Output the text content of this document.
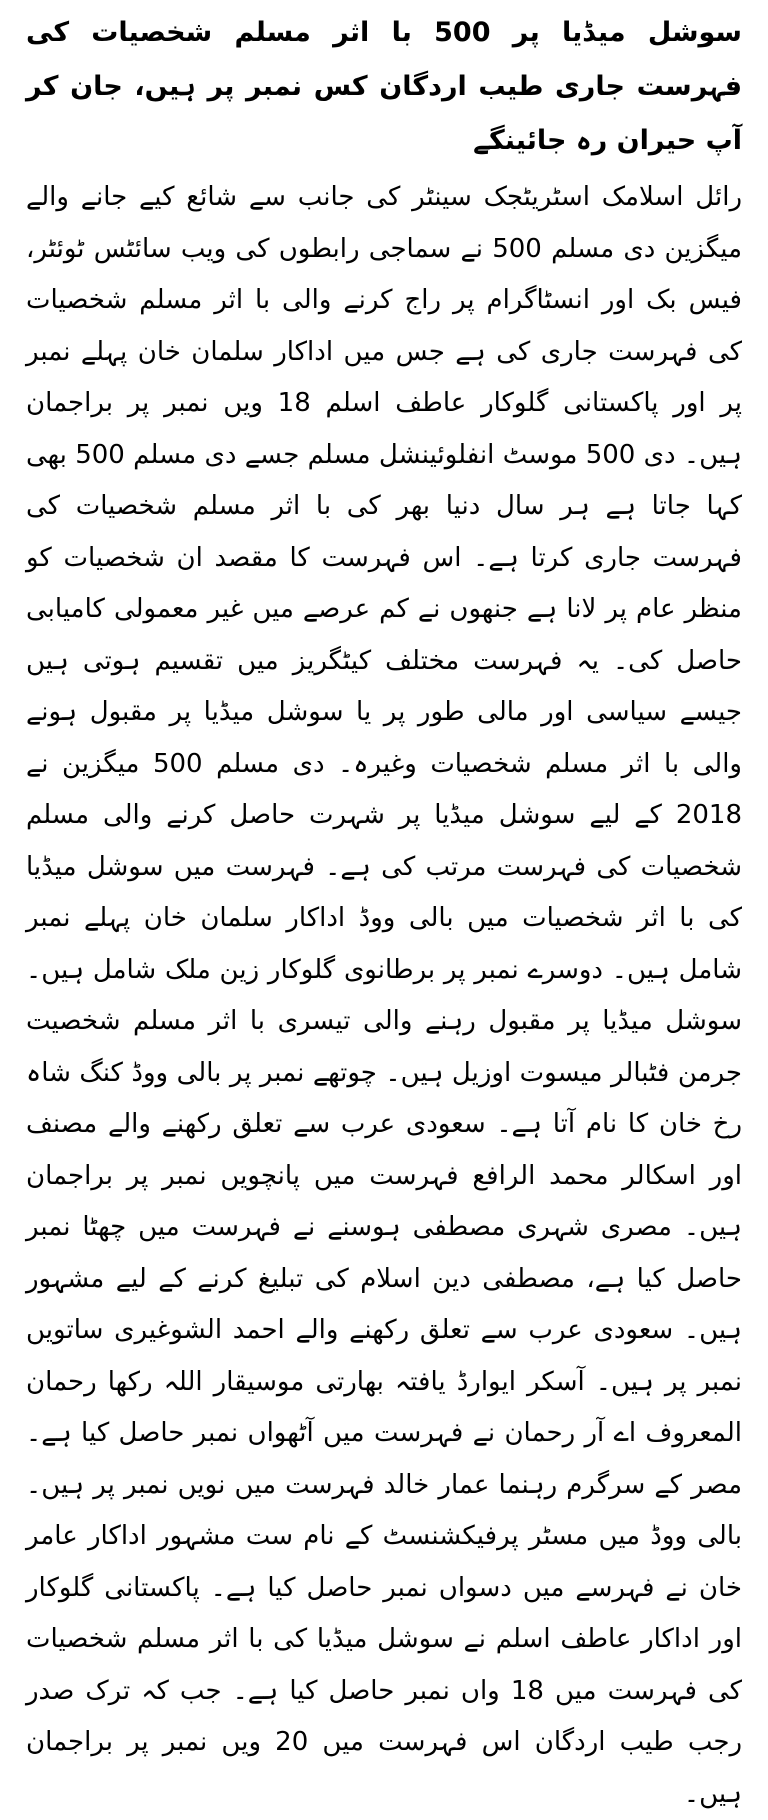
سوشل میڈیا پر 500 با اثر مسلم شخصیات کی فہرست جاری طیب اردگان کس نمبر پر ہیں، جان کر آپ حیران رہ جائینگے

رائل اسلامک اسٹریٹجک سینٹر کی جانب سے شائع کیے جانے والے میگزین دی مسلم 500 نے سماجی رابطوں کی ویب سائٹس ٹوئٹر، فیس بک اور انسٹاگرام پر راج کرنے والی با اثر مسلم شخصیات کی فہرست جاری کی ہے جس میں اداکار سلمان خان پہلے نمبر پر اور پاکستانی گلوکار عاطف اسلم 18 ویں نمبر پر براجمان ہیں۔ دی 500 موسٹ انفلوئینشل مسلم جسے دی مسلم 500 بھی کہا جاتا ہے ہر سال دنیا بھر کی با اثر مسلم شخصیات کی فہرست جاری کرتا ہے۔ اس فہرست کا مقصد ان شخصیات کو منظر عام پر لانا ہے جنھوں نے کم عرصے میں غیر معمولی کامیابی حاصل کی۔ یہ فہرست مختلف کیٹگریز میں تقسیم ہوتی ہیں جیسے سیاسی اور مالی طور پر یا سوشل میڈیا پر مقبول ہونے والی با اثر مسلم شخصیات وغیرہ۔ دی مسلم 500 میگزین نے 2018 کے لیے سوشل میڈیا پر شہرت حاصل کرنے والی مسلم شخصیات کی فہرست مرتب کی ہے۔ فہرست میں سوشل میڈیا کی با اثر شخصیات میں بالی ووڈ اداکار سلمان خان پہلے نمبر شامل ہیں۔ دوسرے نمبر پر برطانوی گلوکار زین ملک شامل ہیں۔ سوشل میڈیا پر مقبول رہنے والی تیسری با اثر مسلم شخصیت جرمن فٹبالر میسوت اوزیل ہیں۔ چوتھے نمبر پر بالی ووڈ کنگ شاہ رخ خان کا نام آتا ہے۔ سعودی عرب سے تعلق رکھنے والے مصنف اور اسکالر محمد الرافع فہرست میں پانچویں نمبر پر براجمان ہیں۔ مصری شہری مصطفی ہوسنے نے فہرست میں چھٹا نمبر حاصل کیا ہے، مصطفی دین اسلام کی تبلیغ کرنے کے لیے مشہور ہیں۔ سعودی عرب سے تعلق رکھنے والے احمد الشوغیری ساتویں نمبر پر ہیں۔ آسکر ایوارڈ یافتہ بھارتی موسیقار اللہ رکھا رحمان المعروف اے آر رحمان نے فہرست میں آٹھواں نمبر حاصل کیا ہے۔ مصر کے سرگرم رہنما عمار خالد فہرست میں نویں نمبر پر ہیں۔ بالی ووڈ میں مسٹر پرفیکشنسٹ کے نام ست مشہور اداکار عامر خان نے فہرسے میں دسواں نمبر حاصل کیا ہے۔ پاکستانی گلوکار اور اداکار عاطف اسلم نے سوشل میڈیا کی با اثر مسلم شخصیات کی فہرست میں 18 واں نمبر حاصل کیا ہے۔ جب کہ ترک صدر رجب طیب اردگان اس فہرست میں 20 ویں نمبر پر براجمان ہیں۔
